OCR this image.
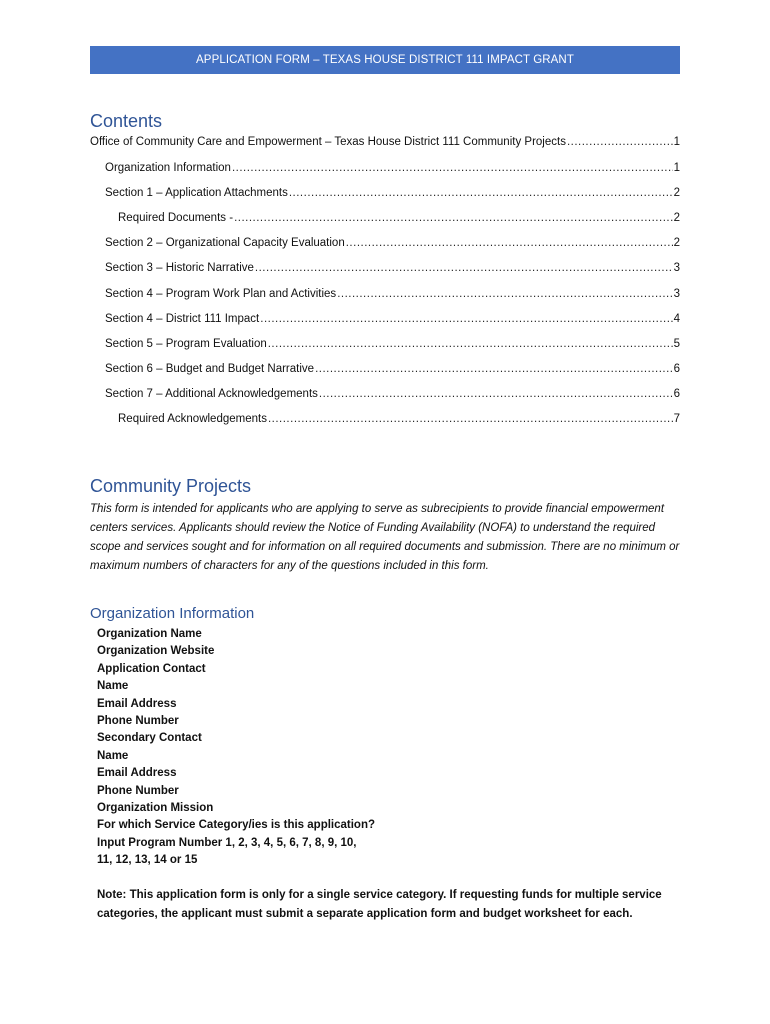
APPLICATION FORM – TEXAS HOUSE DISTRICT 111 IMPACT GRANT
Contents
Office of Community Care and Empowerment – Texas House District 111 Community Projects .....	1
Organization Information .....	1
Section 1 – Application Attachments .....	2
Required Documents - .....	2
Section 2 – Organizational Capacity Evaluation .....	2
Section 3 – Historic Narrative .....	3
Section 4 – Program Work Plan and Activities .....	3
Section 4 – District 111 Impact .....	4
Section 5 – Program Evaluation .....	5
Section 6 – Budget and Budget Narrative .....	6
Section 7 – Additional Acknowledgements .....	6
Required Acknowledgements .....	7
Community Projects
This form is intended for applicants who are applying to serve as subrecipients to provide financial empowerment centers services. Applicants should review the Notice of Funding Availability (NOFA) to understand the required scope and services sought and for information on all required documents and submission. There are no minimum or maximum numbers of characters for any of the questions included in this form.
Organization Information
Organization Name
Organization Website
Application Contact
Name
Email Address
Phone Number
Secondary Contact
Name
Email Address
Phone Number
Organization Mission
For which Service Category/ies is this application?
Input Program Number 1, 2, 3, 4, 5, 6, 7, 8, 9, 10,
11, 12, 13, 14 or 15
Note: This application form is only for a single service category. If requesting funds for multiple service categories, the applicant must submit a separate application form and budget worksheet for each.
